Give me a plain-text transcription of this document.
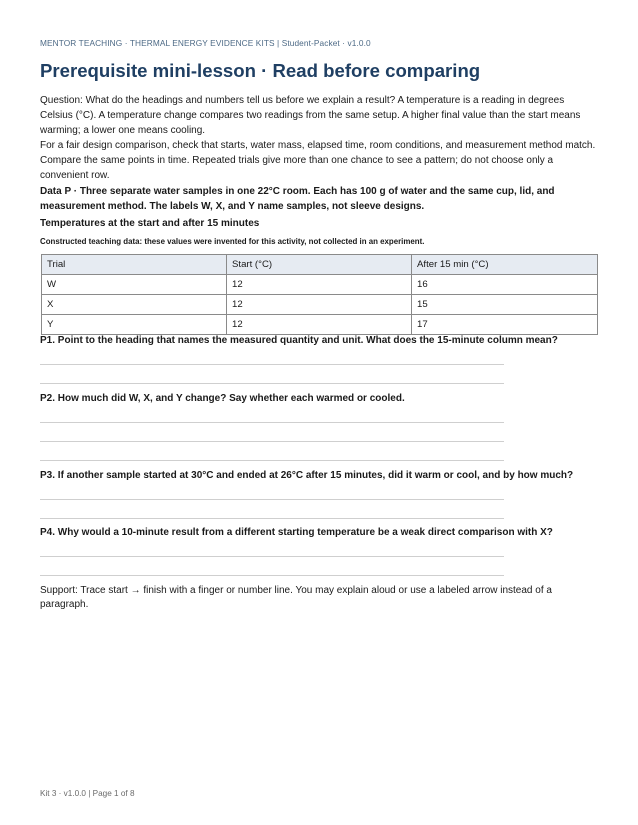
MENTOR TEACHING · THERMAL ENERGY EVIDENCE KITS | Student-Packet · v1.0.0
Prerequisite mini-lesson · Read before comparing

Question: What do the headings and numbers tell us before we explain a result? A temperature is a reading in degrees Celsius (°C). A temperature change compares two readings from the same setup. A higher final value than the start means warming; a lower one means cooling.

For a fair design comparison, check that starts, water mass, elapsed time, room conditions, and measurement method match. Compare the same points in time. Repeated trials give more than one chance to see a pattern; do not choose only a convenient row.

Data P · Three separate water samples in one 22°C room. Each has 100 g of water and the same cup, lid, and measurement method. The labels W, X, and Y name samples, not sleeve designs.

Temperatures at the start and after 15 minutes

Constructed teaching data: these values were invented for this activity, not collected in an experiment.

Trial	Start (°C)	After 15 min (°C)
W	12	16
X	12	15
Y	12	17

P1. Point to the heading that names the measured quantity and unit. What does the 15-minute column mean?

P2. How much did W, X, and Y change? Say whether each warmed or cooled.

P3. If another sample started at 30°C and ended at 26°C after 15 minutes, did it warm or cool, and by how much?

P4. Why would a 10-minute result from a different starting temperature be a weak direct comparison with X?

Support: Trace start → finish with a finger or number line. You may explain aloud or use a labeled arrow instead of a paragraph.

Kit 3 · v1.0.0 | Page 1 of 8
